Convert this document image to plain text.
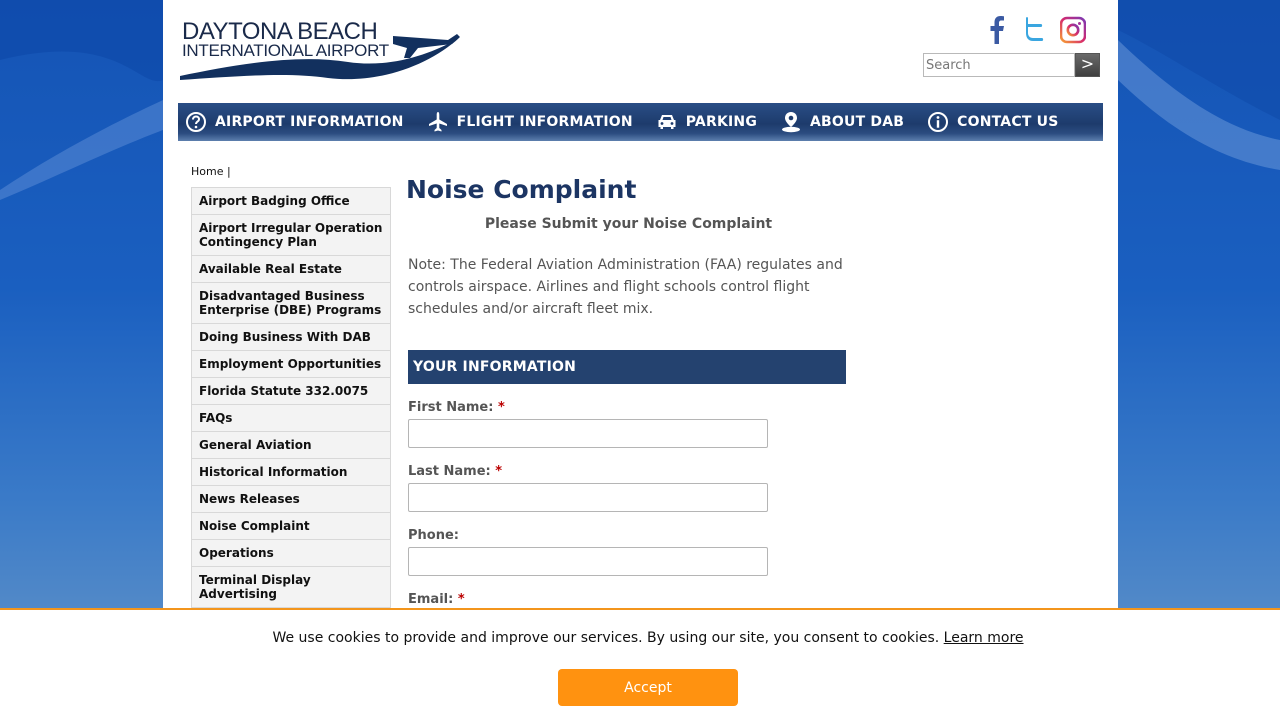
DAYTONA BEACH
INTERNATIONAL AIRPORT
Search
>
AIRPORT INFORMATION	FLIGHT INFORMATION	PARKING	ABOUT DAB	CONTACT US
Home |
Airport Badging Office
Airport Irregular Operation Contingency Plan
Available Real Estate
Disadvantaged Business Enterprise (DBE) Programs
Doing Business With DAB
Employment Opportunities
Florida Statute 332.0075
FAQs
General Aviation
Historical Information
News Releases
Noise Complaint
Operations
Terminal Display Advertising
Noise Complaint
Please Submit your Noise Complaint
Note: The Federal Aviation Administration (FAA) regulates and controls airspace. Airlines and flight schools control flight schedules and/or aircraft fleet mix.
YOUR INFORMATION
First Name: *
Last Name: *
Phone:
Email: *
We use cookies to provide and improve our services. By using our site, you consent to cookies. Learn more
Accept
